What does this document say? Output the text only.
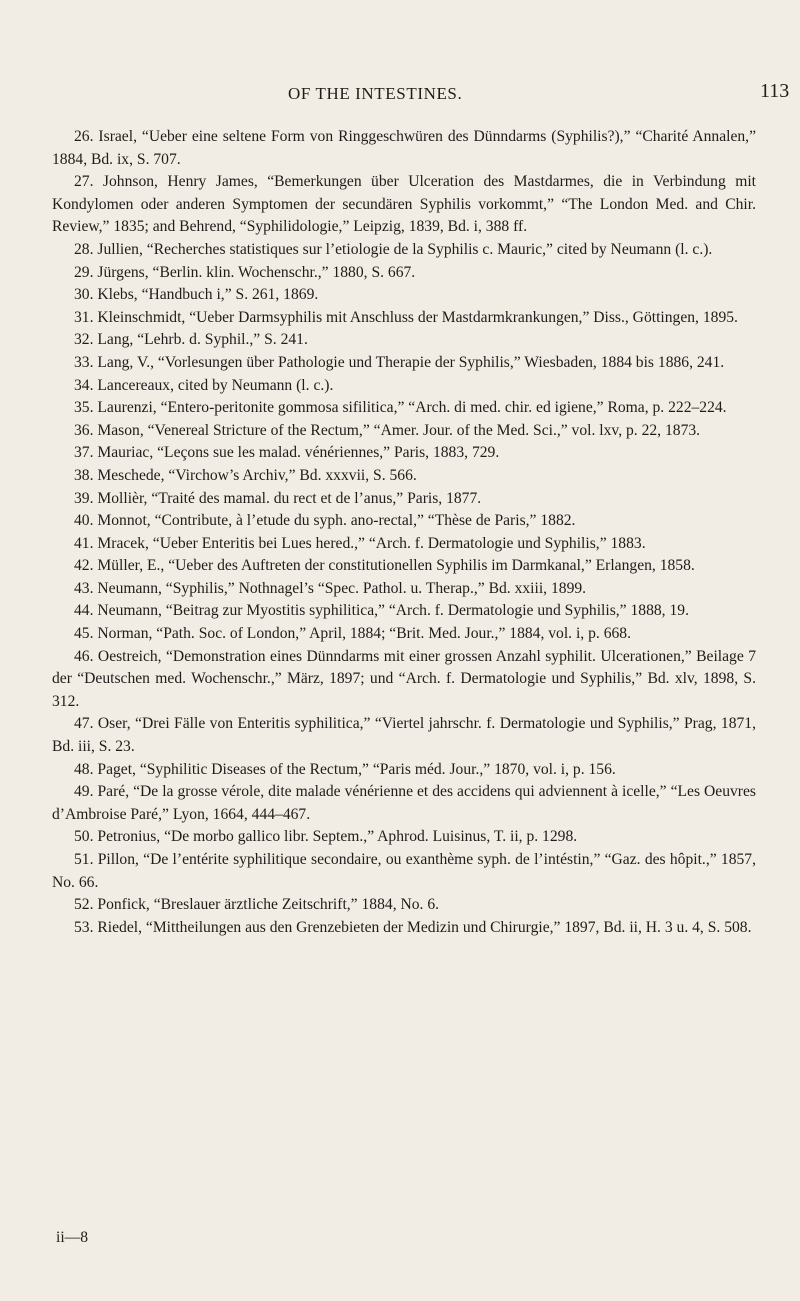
OF THE INTESTINES.	113

26. Israel, “Ueber eine seltene Form von Ringgeschwüren des Dünndarms (Syphilis?),” “Charité Annalen,” 1884, Bd. ix, S. 707.

27. Johnson, Henry James, “Bemerkungen über Ulceration des Mastdarmes, die in Verbindung mit Kondylomen oder anderen Symptomen der secundären Syphilis vorkommt,” “The London Med. and Chir. Review,” 1835; and Behrend, “Syphilidologie,” Leipzig, 1839, Bd. i, 388 ff.

28. Jullien, “Recherches statistiques sur l’etiologie de la Syphilis c. Mauric,” cited by Neumann (l. c.).

29. Jürgens, “Berlin. klin. Wochenschr.,” 1880, S. 667.

30. Klebs, “Handbuch i,” S. 261, 1869.

31. Kleinschmidt, “Ueber Darmsyphilis mit Anschluss der Mastdarmkrankungen,” Diss., Göttingen, 1895.

32. Lang, “Lehrb. d. Syphil.,” S. 241.

33. Lang, V., “Vorlesungen über Pathologie und Therapie der Syphilis,” Wiesbaden, 1884 bis 1886, 241.

34. Lancereaux, cited by Neumann (l. c.).

35. Laurenzi, “Entero-peritonite gommosa sifilitica,” “Arch. di med. chir. ed igiene,” Roma, p. 222–224.

36. Mason, “Venereal Stricture of the Rectum,” “Amer. Jour. of the Med. Sci.,” vol. lxv, p. 22, 1873.

37. Mauriac, “Leçons sue les malad. vénériennes,” Paris, 1883, 729.

38. Meschede, “Virchow’s Archiv,” Bd. xxxvii, S. 566.

39. Mollièr, “Traité des mamal. du rect et de l’anus,” Paris, 1877.

40. Monnot, “Contribute, à l’etude du syph. ano-rectal,” “Thèse de Paris,” 1882.

41. Mracek, “Ueber Enteritis bei Lues hered.,” “Arch. f. Dermatologie und Syphilis,” 1883.

42. Müller, E., “Ueber des Auftreten der constitutionellen Syphilis im Darmkanal,” Erlangen, 1858.

43. Neumann, “Syphilis,” Nothnagel’s “Spec. Pathol. u. Therap.,” Bd. xxiii, 1899.

44. Neumann, “Beitrag zur Myostitis syphilitica,” “Arch. f. Dermatologie und Syphilis,” 1888, 19.

45. Norman, “Path. Soc. of London,” April, 1884; “Brit. Med. Jour.,” 1884, vol. i, p. 668.

46. Oestreich, “Demonstration eines Dünndarms mit einer grossen Anzahl syphilit. Ulcerationen,” Beilage 7 der “Deutschen med. Wochenschr.,” März, 1897; und “Arch. f. Dermatologie und Syphilis,” Bd. xlv, 1898, S. 312.

47. Oser, “Drei Fälle von Enteritis syphilitica,” “Viertel jahrschr. f. Dermatologie und Syphilis,” Prag, 1871, Bd. iii, S. 23.

48. Paget, “Syphilitic Diseases of the Rectum,” “Paris méd. Jour.,” 1870, vol. i, p. 156.

49. Paré, “De la grosse vérole, dite malade vénérienne et des accidens qui adviennent à icelle,” “Les Oeuvres d’Ambroise Paré,” Lyon, 1664, 444–467.

50. Petronius, “De morbo gallico libr. Septem.,” Aphrod. Luisinus, T. ii, p. 1298.

51. Pillon, “De l’entérite syphilitique secondaire, ou exanthème syph. de l’intéstin,” “Gaz. des hôpit.,” 1857, No. 66.

52. Ponfick, “Breslauer ärztliche Zeitschrift,” 1884, No. 6.

53. Riedel, “Mittheilungen aus den Grenzebieten der Medizin und Chirurgie,” 1897, Bd. ii, H. 3 u. 4, S. 508.

ii—8
